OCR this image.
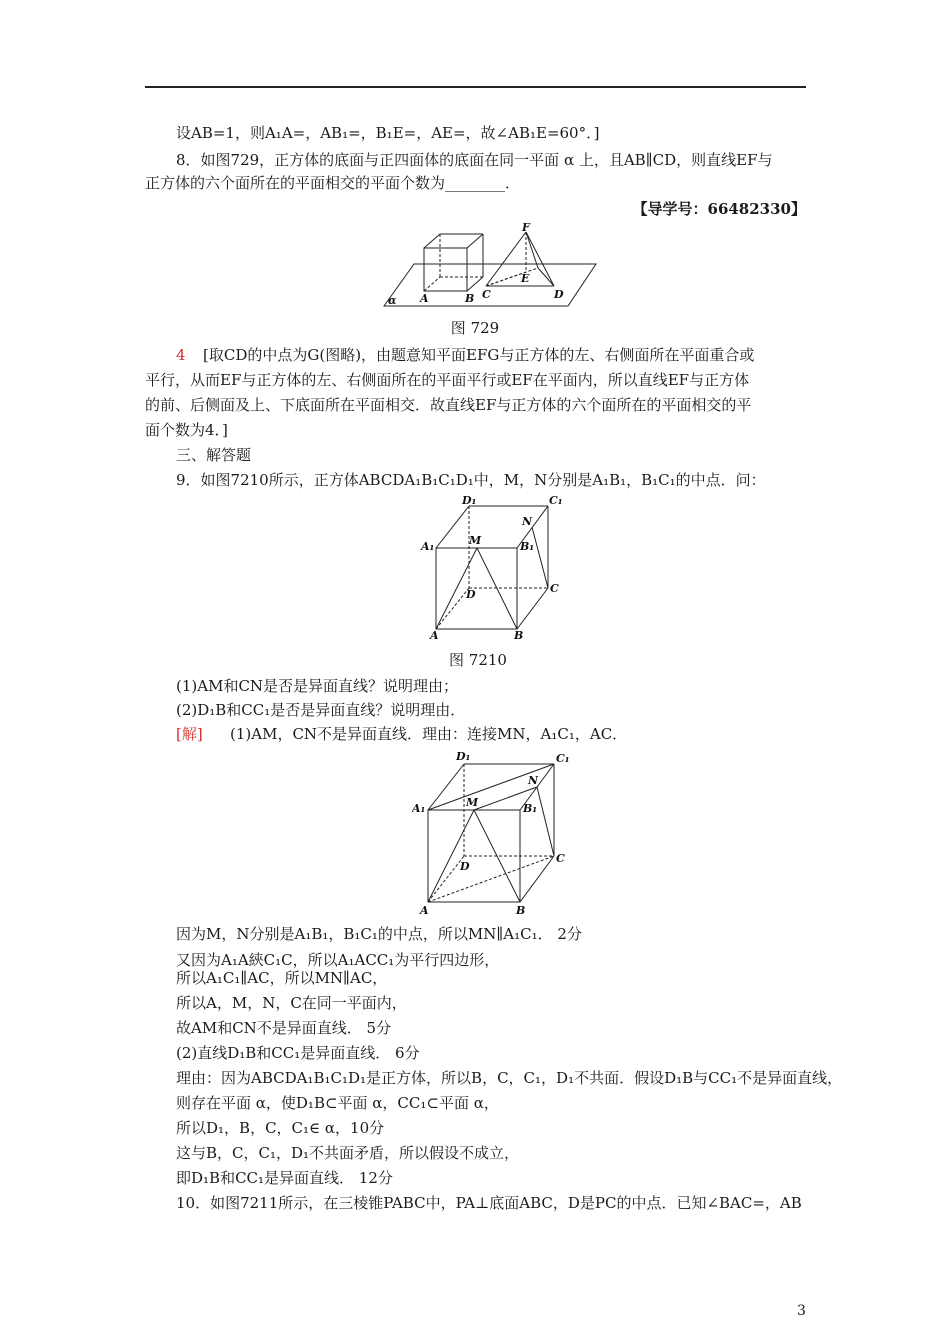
设AB=1，则A₁A=，AB₁=，B₁E=，AE=，故∠AB₁E=60°．]
8．如图729，正方体的底面与正四面体的底面在同一平面 α 上，且AB∥CD，则直线EF与
正方体的六个面所在的平面相交的平面个数为________．
【导学号：66482330】
α A	B C	D
E
F
图 729
4 [取CD的中点为G(图略)，由题意知平面EFG与正方体的左、右侧面所在平面重合或
平行，从而EF与正方体的左、右侧面所在的平面平行或EF在平面内，所以直线EF与正方体
的前、后侧面及上、下底面所在平面相交．故直线EF与正方体的六个面所在的平面相交的平
面个数为4．]
三、解答题
9．如图7210所示，正方体ABCDA₁B₁C₁D₁中，M，N分别是A₁B₁，B₁C₁的中点．问：
D₁	C₁
N
M
A₁	B₁
D	C
A	B
图 7210
(1)AM和CN是否是异面直线？说明理由；
(2)D₁B和CC₁是否是异面直线？说明理由．
[解] (1)AM，CN不是异面直线．理由：连接MN，A₁C₁，AC．
D₁	C₁
N
M
A₁	B₁
D
C
A	B
因为M，N分别是A₁B₁，B₁C₁的中点，所以MN∥A₁C₁． 2分
又因为A₁A綊C₁C，所以A₁ACC₁为平行四边形，
所以A₁C₁∥AC，所以MN∥AC，
所以A，M，N，C在同一平面内，
故AM和CN不是异面直线． 5分
(2)直线D₁B和CC₁是异面直线． 6分
理由：因为ABCDA₁B₁C₁D₁是正方体，所以B，C，C₁，D₁不共面．假设D₁B与CC₁不是异面直线，
则存在平面 α，使D₁B⊂平面 α，CC₁⊂平面 α，
所以D₁，B，C，C₁∈ α，10分
这与B，C，C₁，D₁不共面矛盾，所以假设不成立，
即D₁B和CC₁是异面直线． 12分
10．如图7211所示，在三棱锥PABC中，PA⊥底面ABC，D是PC的中点．已知∠BAC=，AB
3
